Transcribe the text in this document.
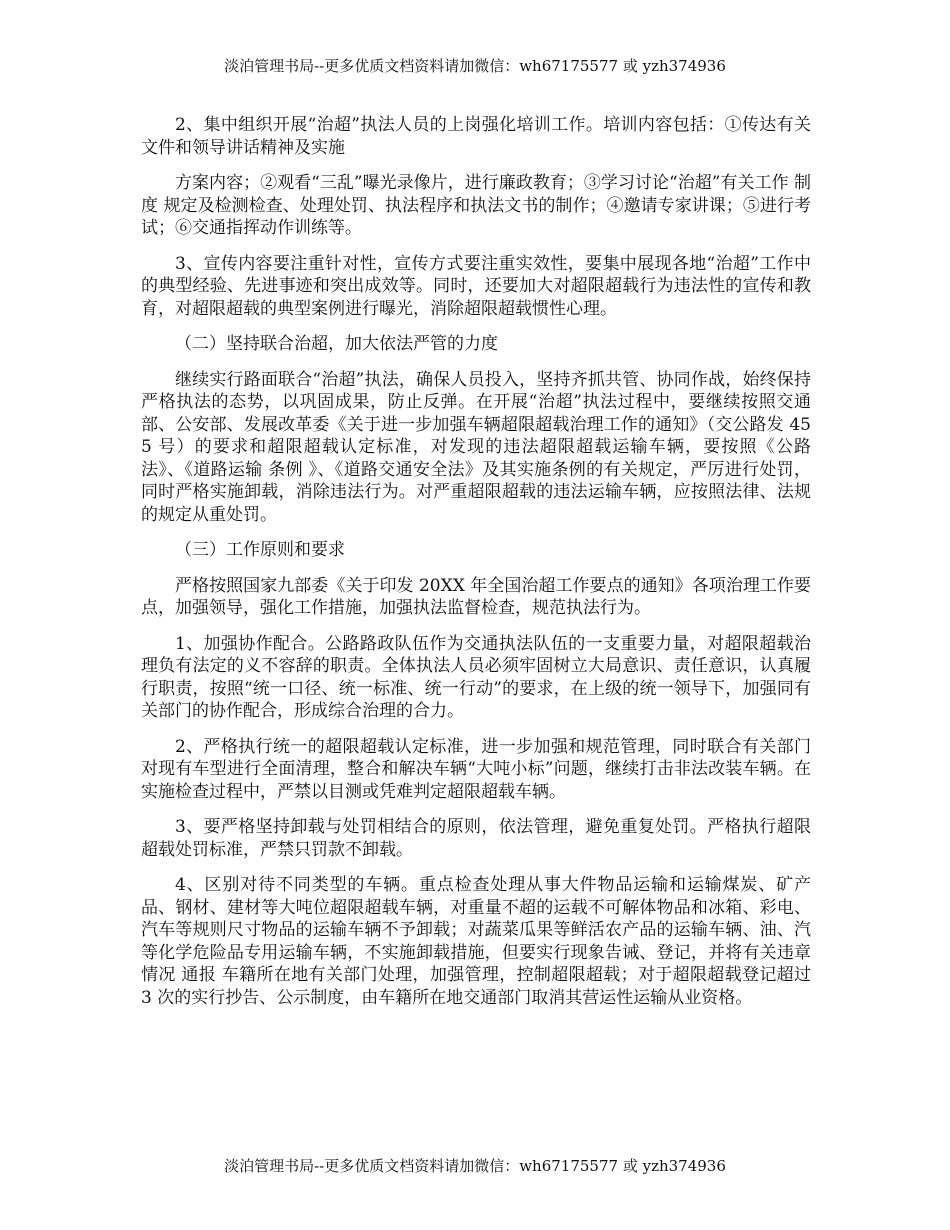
淡泊管理书局--更多优质文档资料请加微信：wh67175577 或 yzh374936

2、集中组织开展“治超”执法人员的上岗强化培训工作。培训内容包括：①传达有关文件和领导讲话精神及实施

方案内容；②观看“三乱”曝光录像片，进行廉政教育；③学习讨论“治超”有关工作 制度 规定及检测检查、处理处罚、执法程序和执法文书的制作；④邀请专家讲课；⑤进行考试；⑥交通指挥动作训练等。

3、宣传内容要注重针对性，宣传方式要注重实效性，要集中展现各地“治超”工作中的典型经验、先进事迹和突出成效等。同时，还要加大对超限超载行为违法性的宣传和教育，对超限超载的典型案例进行曝光，消除超限超载惯性心理。

（二）坚持联合治超，加大依法严管的力度

继续实行路面联合“治超”执法，确保人员投入，坚持齐抓共管、协同作战，始终保持严格执法的态势，以巩固成果，防止反弹。在开展“治超”执法过程中，要继续按照交通部、公安部、发展改革委《关于进一步加强车辆超限超载治理工作的通知》（交公路发 455 号）的要求和超限超载认定标准，对发现的违法超限超载运输车辆，要按照《公路法》、《道路运输 条例 》、《道路交通安全法》及其实施条例的有关规定，严厉进行处罚，同时严格实施卸载，消除违法行为。对严重超限超载的违法运输车辆，应按照法律、法规的规定从重处罚。

（三）工作原则和要求

严格按照国家九部委《关于印发 20XX 年全国治超工作要点的通知》各项治理工作要点，加强领导，强化工作措施，加强执法监督检查，规范执法行为。

1、加强协作配合。公路路政队伍作为交通执法队伍的一支重要力量，对超限超载治理负有法定的义不容辞的职责。全体执法人员必须牢固树立大局意识、责任意识，认真履行职责，按照“统一口径、统一标准、统一行动”的要求，在上级的统一领导下，加强同有关部门的协作配合，形成综合治理的合力。

2、严格执行统一的超限超载认定标准，进一步加强和规范管理，同时联合有关部门对现有车型进行全面清理，整合和解决车辆“大吨小标”问题，继续打击非法改装车辆。在实施检查过程中，严禁以目测或凭难判定超限超载车辆。

3、要严格坚持卸载与处罚相结合的原则，依法管理，避免重复处罚。严格执行超限超载处罚标准，严禁只罚款不卸载。

4、区别对待不同类型的车辆。重点检查处理从事大件物品运输和运输煤炭、矿产品、钢材、建材等大吨位超限超载车辆，对重量不超的运载不可解体物品和冰箱、彩电、汽车等规则尺寸物品的运输车辆不予卸载；对蔬菜瓜果等鲜活农产品的运输车辆、油、汽等化学危险品专用运输车辆，不实施卸载措施，但要实行现象告诫、登记，并将有关违章情况 通报 车籍所在地有关部门处理，加强管理，控制超限超载；对于超限超载登记超过 3 次的实行抄告、公示制度，由车籍所在地交通部门取消其营运性运输从业资格。

淡泊管理书局--更多优质文档资料请加微信：wh67175577 或 yzh374936
